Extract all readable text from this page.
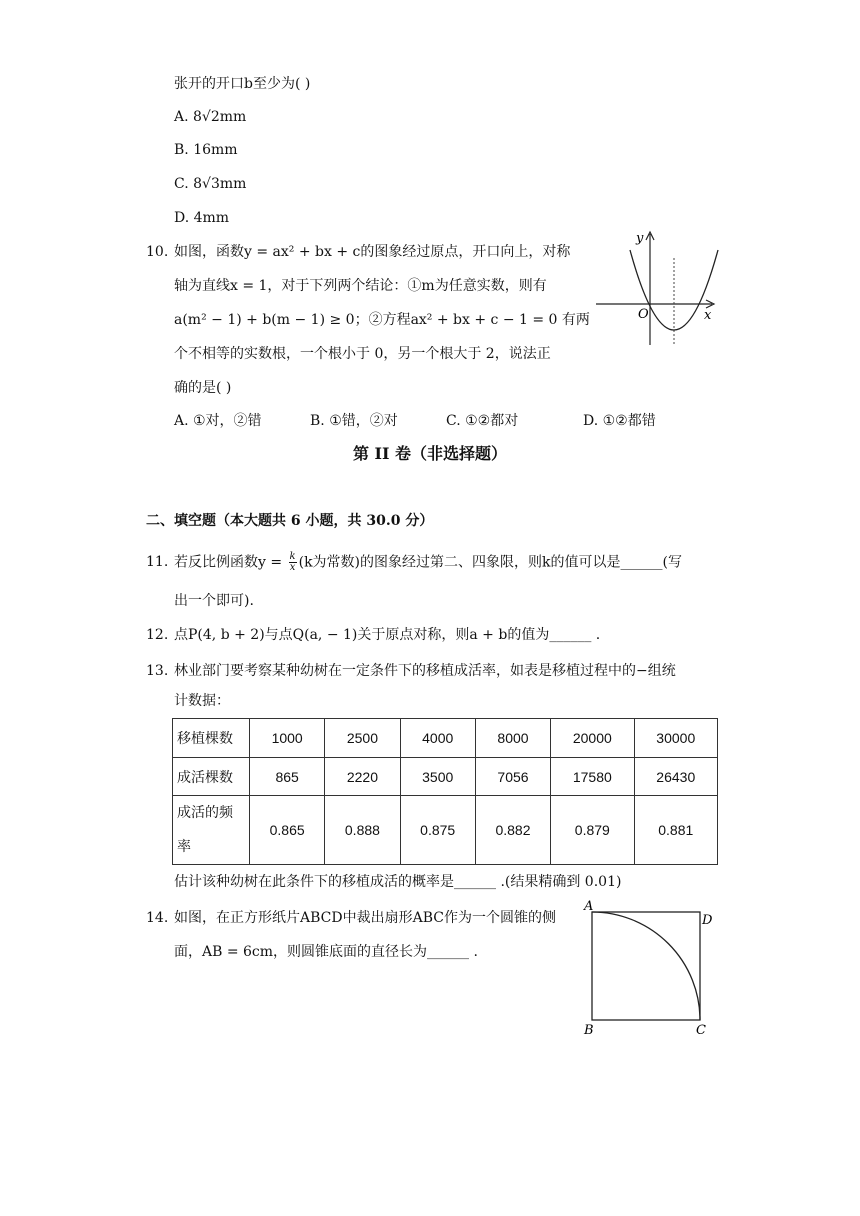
张开的开口b至少为( )
A. 8√2mm
B. 16mm
C. 8√3mm
D. 4mm
10. 如图，函数y = ax² + bx + c的图象经过原点，开口向上，对称
轴为直线x = 1，对于下列两个结论：①m为任意实数，则有
a(m² − 1) + b(m − 1) ≥ 0；②方程ax² + bx + c − 1 = 0 有两
个不相等的实数根，一个根小于 0，另一个根大于 2，说法正
确的是( )
A. ①对，②错	B. ①错，②对	C. ①②都对	D. ①②都错
y
x
O
第 II 卷（非选择题）
二、填空题（本大题共 6 小题，共 30.0 分）
11. 若反比例函数$y = \frac{k}{x} (k$为常数)的图象经过第二、四象限，则k的值可以是______(写
出一个即可).
12. 点P(4, b + 2)与点Q(a, − 1)关于原点对称，则a + b的值为______ .
13. 林业部门要考察某种幼树在一定条件下的移植成活率，如表是移植过程中的−组统
计数据：
移植棵数	1000	2500	4000	8000	20000	30000
成活棵数	865	2220	3500	7056	17580	26430
成活的频
率	0.865	0.888	0.875	0.882	0.879	0.881
估计该种幼树在此条件下的移植成活的概率是______ .(结果精确到 0.01)
14. 如图，在正方形纸片ABCD中裁出扇形ABC作为一个圆锥的侧
面，AB = 6cm，则圆锥底面的直径长为______ .
A
D
B	C
